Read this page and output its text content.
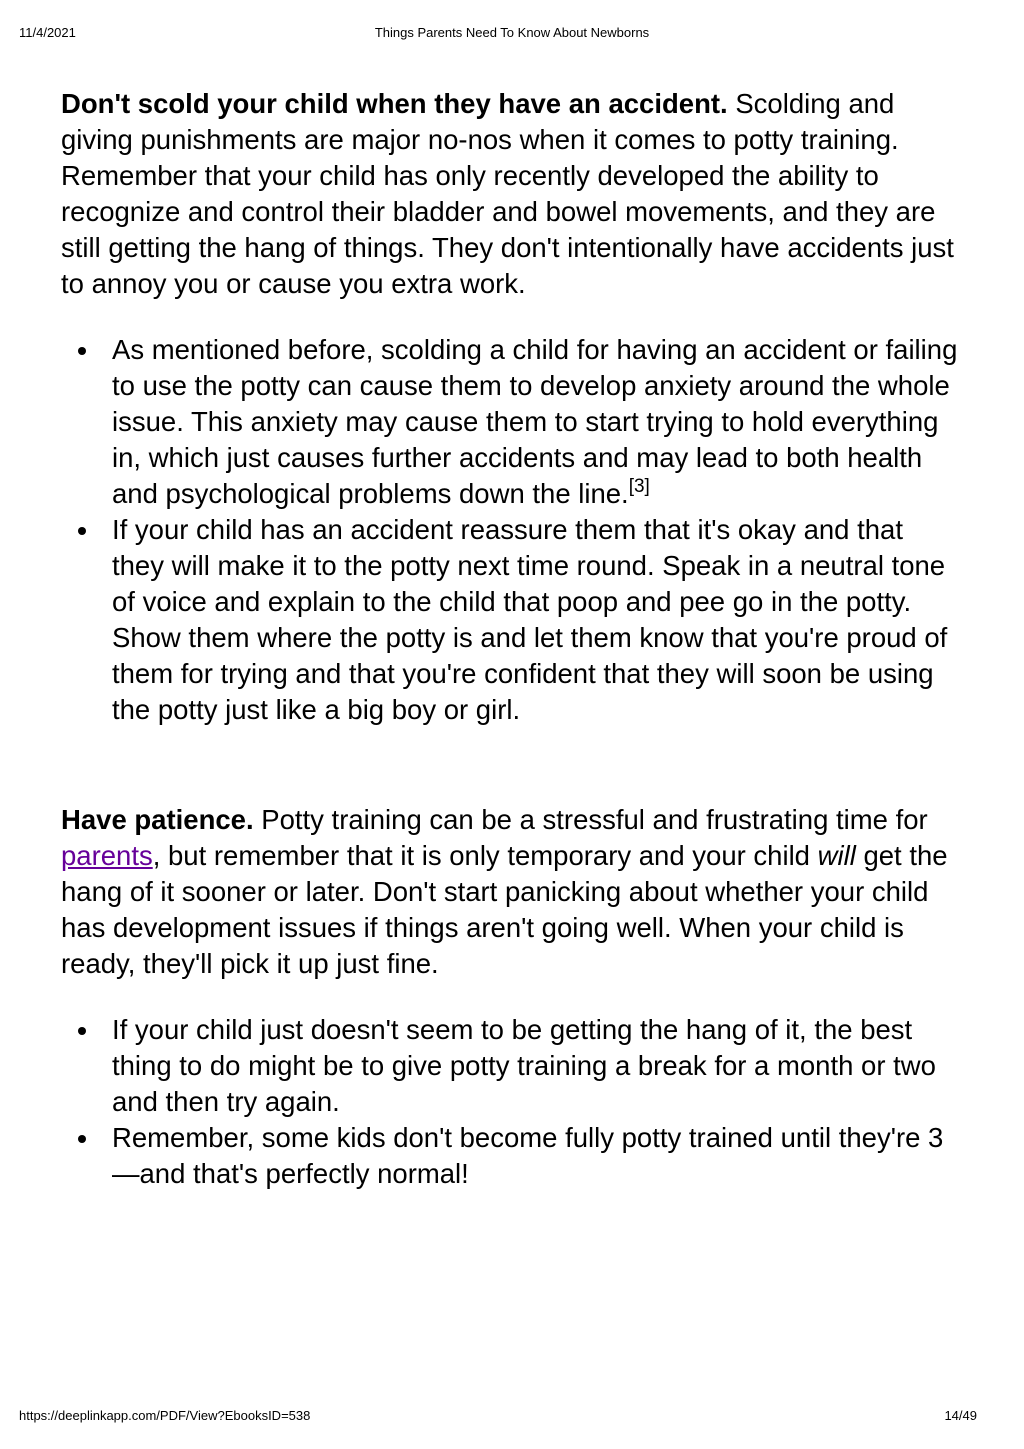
11/4/2021	Things Parents Need To Know About Newborns

Don't scold your child when they have an accident. Scolding and giving punishments are major no-nos when it comes to potty training. Remember that your child has only recently developed the ability to recognize and control their bladder and bowel movements, and they are still getting the hang of things. They don't intentionally have accidents just to annoy you or cause you extra work.

As mentioned before, scolding a child for having an accident or failing to use the potty can cause them to develop anxiety around the whole issue. This anxiety may cause them to start trying to hold everything in, which just causes further accidents and may lead to both health and psychological problems down the line.[3]
If your child has an accident reassure them that it's okay and that they will make it to the potty next time round. Speak in a neutral tone of voice and explain to the child that poop and pee go in the potty. Show them where the potty is and let them know that you're proud of them for trying and that you're confident that they will soon be using the potty just like a big boy or girl.

Have patience. Potty training can be a stressful and frustrating time for parents, but remember that it is only temporary and your child will get the hang of it sooner or later. Don't start panicking about whether your child has development issues if things aren't going well. When your child is ready, they'll pick it up just fine.

If your child just doesn't seem to be getting the hang of it, the best thing to do might be to give potty training a break for a month or two and then try again.
Remember, some kids don't become fully potty trained until they're 3—and that's perfectly normal!
https://deeplinkapp.com/PDF/View?EbooksID=538	14/49
